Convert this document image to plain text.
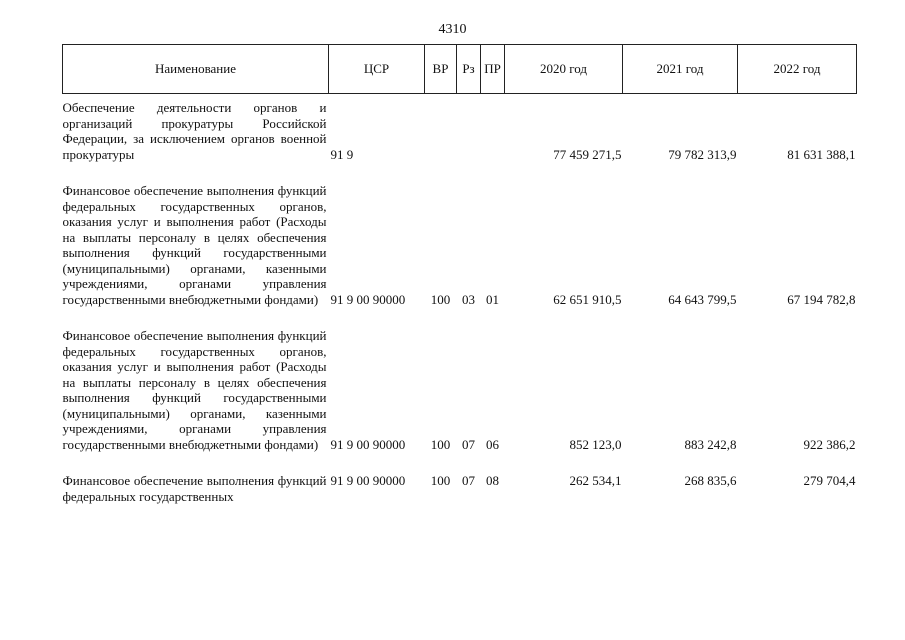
4310
Наименование	ЦСР	ВР	Рз	ПР	2020 год	2021 год	2022 год

Обеспечение деятельности органов и организаций прокуратуры Российской Федерации, за исключением органов военной прокуратуры	91 9				77 459 271,5	79 782 313,9	81 631 388,1

Финансовое обеспечение выполнения функций федеральных государственных органов, оказания услуг и выполнения работ (Расходы на выплаты персоналу в целях обеспечения выполнения функций государственными (муниципальными) органами, казенными учреждениями, органами управления государственными внебюджетными фондами)	91 9 00 90000	100	03	01	62 651 910,5	64 643 799,5	67 194 782,8

Финансовое обеспечение выполнения функций федеральных государственных органов, оказания услуг и выполнения работ (Расходы на выплаты персоналу в целях обеспечения выполнения функций государственными (муниципальными) органами, казенными учреждениями, органами управления государственными внебюджетными фондами)	91 9 00 90000	100	07	06	852 123,0	883 242,8	922 386,2

Финансовое обеспечение выполнения функций федеральных государственных	91 9 00 90000	100	07	08	262 534,1	268 835,6	279 704,4
